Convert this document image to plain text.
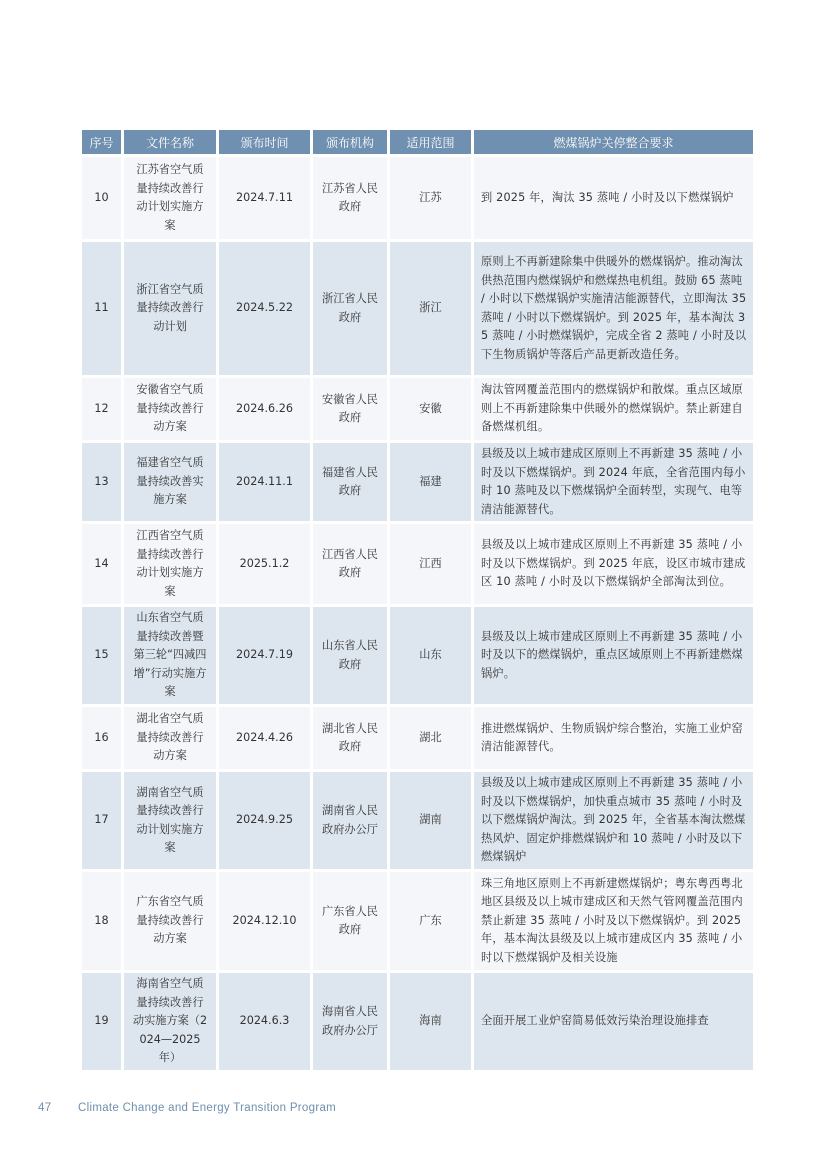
序号	文件名称	颁布时间	颁布机构	适用范围	燃煤锅炉关停整合要求
10	江苏省空气质量持续改善行动计划实施方案	2024.7.11	江苏省人民政府	江苏	到 2025 年，淘汰 35 蒸吨 / 小时及以下燃煤锅炉
11	浙江省空气质量持续改善行动计划	2024.5.22	浙江省人民政府	浙江	原则上不再新建除集中供暖外的燃煤锅炉。推动淘汰供热范围内燃煤锅炉和燃煤热电机组。鼓励 65 蒸吨 / 小时以下燃煤锅炉实施清洁能源替代，立即淘汰 35 蒸吨 / 小时以下燃煤锅炉。到 2025 年，基本淘汰 35 蒸吨 / 小时燃煤锅炉，完成全省 2 蒸吨 / 小时及以下生物质锅炉等落后产品更新改造任务。
12	安徽省空气质量持续改善行动方案	2024.6.26	安徽省人民政府	安徽	淘汰管网覆盖范围内的燃煤锅炉和散煤。重点区域原则上不再新建除集中供暖外的燃煤锅炉。禁止新建自备燃煤机组。
13	福建省空气质量持续改善实施方案	2024.11.1	福建省人民政府	福建	县级及以上城市建成区原则上不再新建 35 蒸吨 / 小时及以下燃煤锅炉。到 2024 年底，全省范围内每小时 10 蒸吨及以下燃煤锅炉全面转型，实现气、电等清洁能源替代。
14	江西省空气质量持续改善行动计划实施方案	2025.1.2	江西省人民政府	江西	县级及以上城市建成区原则上不再新建 35 蒸吨 / 小时及以下燃煤锅炉。到 2025 年底，设区市城市建成区 10 蒸吨 / 小时及以下燃煤锅炉全部淘汰到位。
15	山东省空气质量持续改善暨第三轮“四减四增”行动实施方案	2024.7.19	山东省人民政府	山东	县级及以上城市建成区原则上不再新建 35 蒸吨 / 小时及以下的燃煤锅炉，重点区域原则上不再新建燃煤锅炉。
16	湖北省空气质量持续改善行动方案	2024.4.26	湖北省人民政府	湖北	推进燃煤锅炉、生物质锅炉综合整治，实施工业炉窑清洁能源替代。
17	湖南省空气质量持续改善行动计划实施方案	2024.9.25	湖南省人民政府办公厅	湖南	县级及以上城市建成区原则上不再新建 35 蒸吨 / 小时及以下燃煤锅炉，加快重点城市 35 蒸吨 / 小时及以下燃煤锅炉淘汰。到 2025 年，全省基本淘汰燃煤热风炉、固定炉排燃煤锅炉和 10 蒸吨 / 小时及以下燃煤锅炉
18	广东省空气质量持续改善行动方案	2024.12.10	广东省人民政府	广东	珠三角地区原则上不再新建燃煤锅炉；粤东粤西粤北地区县级及以上城市建成区和天然气管网覆盖范围内禁止新建 35 蒸吨 / 小时及以下燃煤锅炉。到 2025 年，基本淘汰县级及以上城市建成区内 35 蒸吨 / 小时以下燃煤锅炉及相关设施
19	海南省空气质量持续改善行动实施方案（2024—2025 年）	2024.6.3	海南省人民政府办公厅	海南	全面开展工业炉窑简易低效污染治理设施排查
47 Climate Change and Energy Transition Program
